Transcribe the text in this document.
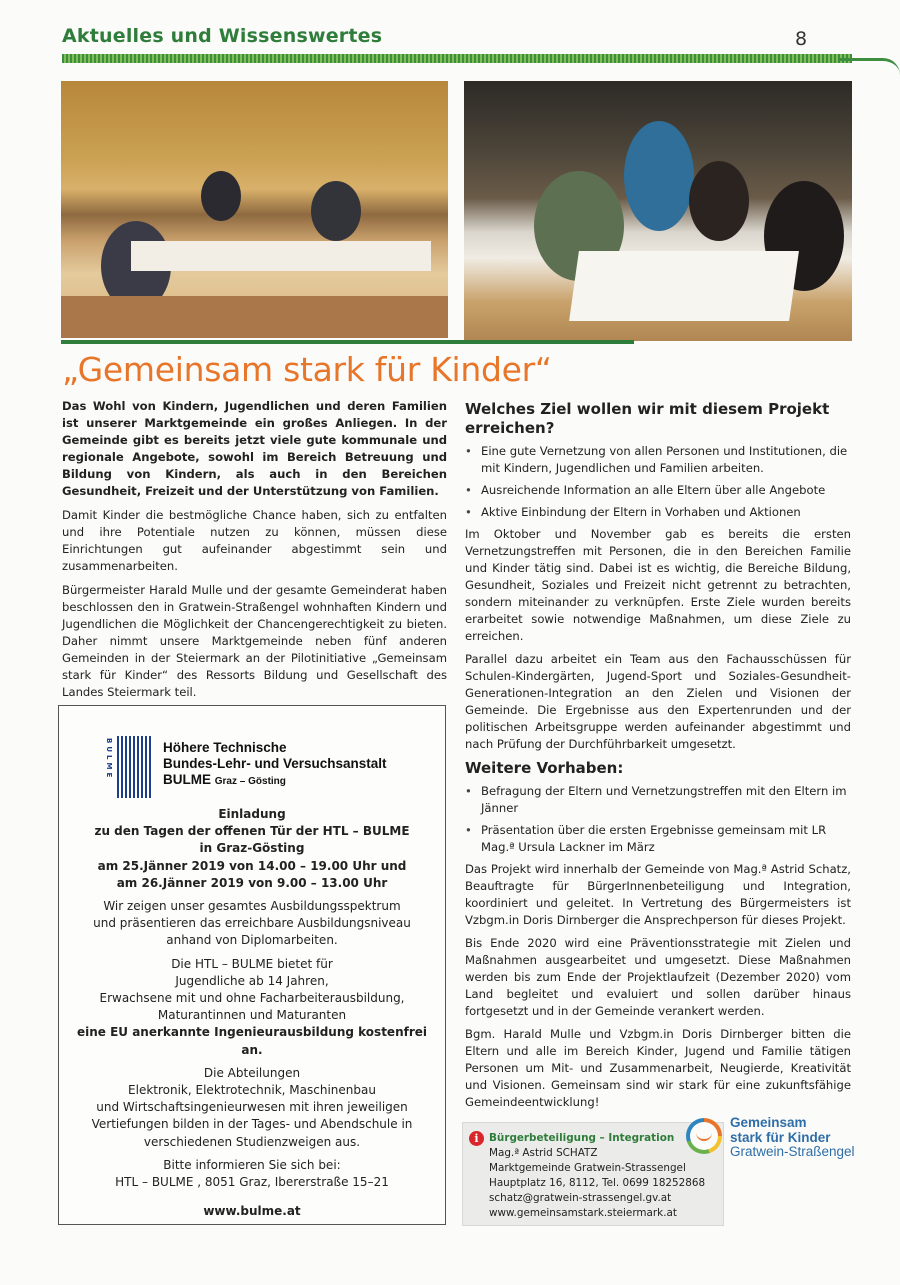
Aktuelles und Wissenswertes	8
„Gemeinsam stark für Kinder“

Das Wohl von Kindern, Jugendlichen und deren Familien ist unserer Marktgemeinde ein großes Anliegen. In der Gemeinde gibt es bereits jetzt viele gute kommunale und regionale Angebote, sowohl im Bereich Betreuung und Bildung von Kindern, als auch in den Bereichen Gesundheit, Freizeit und der Unterstützung von Familien.

Damit Kinder die bestmögliche Chance haben, sich zu entfalten und ihre Potentiale nutzen zu können, müssen diese Einrichtungen gut aufeinander abgestimmt sein und zusammenarbeiten.

Bürgermeister Harald Mulle und der gesamte Gemeinderat haben beschlossen den in Gratwein-Straßengel wohnhaften Kindern und Jugendlichen die Möglichkeit der Chancengerechtigkeit zu bieten. Daher nimmt unsere Marktgemeinde neben fünf anderen Gemeinden in der Steiermark an der Pilotinitiative „Gemeinsam stark für Kinder“ des Ressorts Bildung und Gesellschaft des Landes Steiermark teil.

BULME	Höhere Technische
Bundes-Lehr- und Versuchsanstalt
BULME Graz – Gösting

Einladung
zu den Tagen der offenen Tür der HTL – BULME
in Graz-Gösting
am 25.Jänner 2019 von 14.00 – 19.00 Uhr und
am 26.Jänner 2019 von 9.00 – 13.00 Uhr

Wir zeigen unser gesamtes Ausbildungsspektrum
und präsentieren das erreichbare Ausbildungsniveau
anhand von Diplomarbeiten.

Die HTL – BULME bietet für
Jugendliche ab 14 Jahren,
Erwachsene mit und ohne Facharbeiterausbildung,
Maturantinnen und Maturanten
eine EU anerkannte Ingenieurausbildung kostenfrei an.

Die Abteilungen
Elektronik, Elektrotechnik, Maschinenbau
und Wirtschaftsingenieurwesen mit ihren jeweiligen
Vertiefungen bilden in der Tages- und Abendschule in
verschiedenen Studienzweigen aus.

Bitte informieren Sie sich bei:
HTL – BULME , 8051 Graz, Ibererstraße 15–21

www.bulme.at

Welches Ziel wollen wir mit diesem Projekt erreichen?
• Eine gute Vernetzung von allen Personen und Institutionen, die mit Kindern, Jugendlichen und Familien arbeiten.
• Ausreichende Information an alle Eltern über alle Angebote
• Aktive Einbindung der Eltern in Vorhaben und Aktionen

Im Oktober und November gab es bereits die ersten Vernetzungstreffen mit Personen, die in den Bereichen Familie und Kinder tätig sind. Dabei ist es wichtig, die Bereiche Bildung, Gesundheit, Soziales und Freizeit nicht getrennt zu betrachten, sondern miteinander zu verknüpfen. Erste Ziele wurden bereits erarbeitet sowie notwendige Maßnahmen, um diese Ziele zu erreichen.

Parallel dazu arbeitet ein Team aus den Fachausschüssen für Schulen-Kindergärten, Jugend-Sport und Soziales-Gesundheit-Generationen-Integration an den Zielen und Visionen der Gemeinde. Die Ergebnisse aus den Expertenrunden und der politischen Arbeitsgruppe werden aufeinander abgestimmt und nach Prüfung der Durchführbarkeit umgesetzt.

Weitere Vorhaben:
• Befragung der Eltern und Vernetzungstreffen mit den Eltern im Jänner
• Präsentation über die ersten Ergebnisse gemeinsam mit LR Mag.ª Ursula Lackner im März

Das Projekt wird innerhalb der Gemeinde von Mag.ª Astrid Schatz, Beauftragte für BürgerInnenbeteiligung und Integration, koordiniert und geleitet. In Vertretung des Bürgermeisters ist Vzbgm.in Doris Dirnberger die Ansprechperson für dieses Projekt.

Bis Ende 2020 wird eine Präventionsstrategie mit Zielen und Maßnahmen ausgearbeitet und umgesetzt. Diese Maßnahmen werden bis zum Ende der Projektlaufzeit (Dezember 2020) vom Land begleitet und evaluiert und sollen darüber hinaus fortgesetzt und in der Gemeinde verankert werden.

Bgm. Harald Mulle und Vzbgm.in Doris Dirnberger bitten die Eltern und alle im Bereich Kinder, Jugend und Familie tätigen Personen um Mit- und Zusammenarbeit, Neugierde, Kreativität und Visionen. Gemeinsam sind wir stark für eine zukunftsfähige Gemeindeentwicklung!

i	Bürgerbeteiligung – Integration
Mag.ª Astrid SCHATZ
Marktgemeinde Gratwein-Strassengel
Hauptplatz 16, 8112, Tel. 0699 18252868
schatz@gratwein-strassengel.gv.at
www.gemeinsamstark.steiermark.at
Gemeinsam
stark für Kinder
Gratwein-Straßengel
